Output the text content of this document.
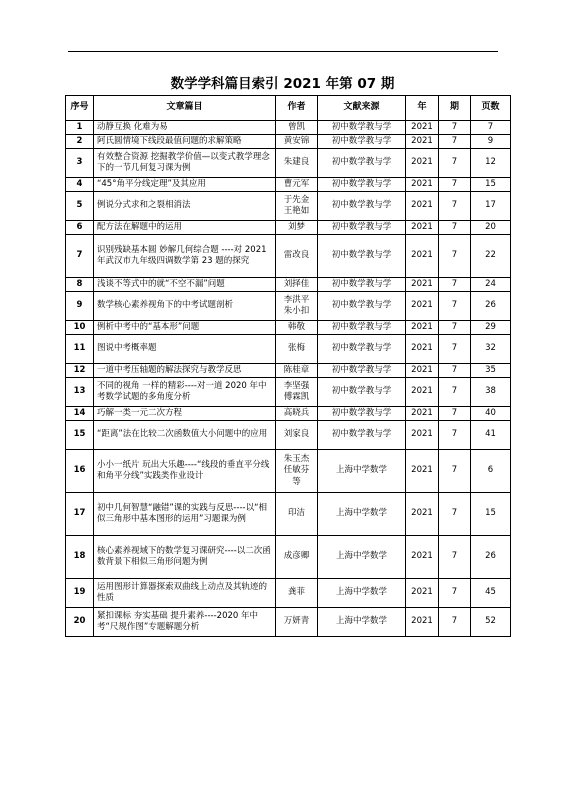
数学学科篇目索引 2021 年第 07 期
序号	文章篇目	作者	文献来源	年	期	页数
1	动静互换 化难为易	曾凯	初中数学教与学	2021	7	7
2	阿氏圆情境下线段最值问题的求解策略	黄安锦	初中数学教与学	2021	7	9
3	有效整合资源 挖掘教学价值—以变式教学理念下的一节几何复习课为例	朱建良	初中数学教与学	2021	7	12
4	“45°角平分线定理”及其应用	曹元军	初中数学教与学	2021	7	15
5	例说分式求和之裂相消法	于先金 王艳如	初中数学教与学	2021	7	17
6	配方法在解题中的运用	刘梦	初中数学教与学	2021	7	20
7	识别残缺基本圆 妙解几何综合题 ----对 2021 年武汉市九年级四调数学第 23 题的探究	雷改良	初中数学教与学	2021	7	22
8	浅谈不等式中的就“不空不漏”问题	刘择佳	初中数学教与学	2021	7	24
9	数学核心素养视角下的中考试题剖析	李洪平 朱小扣	初中数学教与学	2021	7	26
10	例析中考中的“基本形”问题	韩敬	初中数学教与学	2021	7	29
11	图说中考概率题	张梅	初中数学教与学	2021	7	32
12	一道中考压轴题的解法探究与教学反思	陈桂章	初中数学教与学	2021	7	35
13	不同的视角 一样的精彩----对一道 2020 年中考数学试题的多角度分析	李坚强 傅霖凯	初中数学教与学	2021	7	38
14	巧解一类一元二次方程	高晓兵	初中数学教与学	2021	7	40
15	“距离”法在比较二次函数值大小问题中的应用	刘家良	初中数学教与学	2021	7	41
16	小小一纸片 玩出大乐趣----“线段的垂直平分线和角平分线”实践类作业设计	朱玉杰 任敏芬 等	上海中学数学	2021	7	6
17	初中几何智慧“融错”课的实践与反思----以“相似三角形中基本图形的运用”习题课为例	印洁	上海中学数学	2021	7	15
18	核心素养视域下的数学复习课研究----以二次函数背景下相似三角形问题为例	成彦卿	上海中学数学	2021	7	26
19	运用图形计算器探索双曲线上动点及其轨迹的性质	龚菲	上海中学数学	2021	7	45
20	紧扣课标 夯实基础 提升素养----2020 年中考“尺规作图”专题解题分析	万妍青	上海中学数学	2021	7	52
